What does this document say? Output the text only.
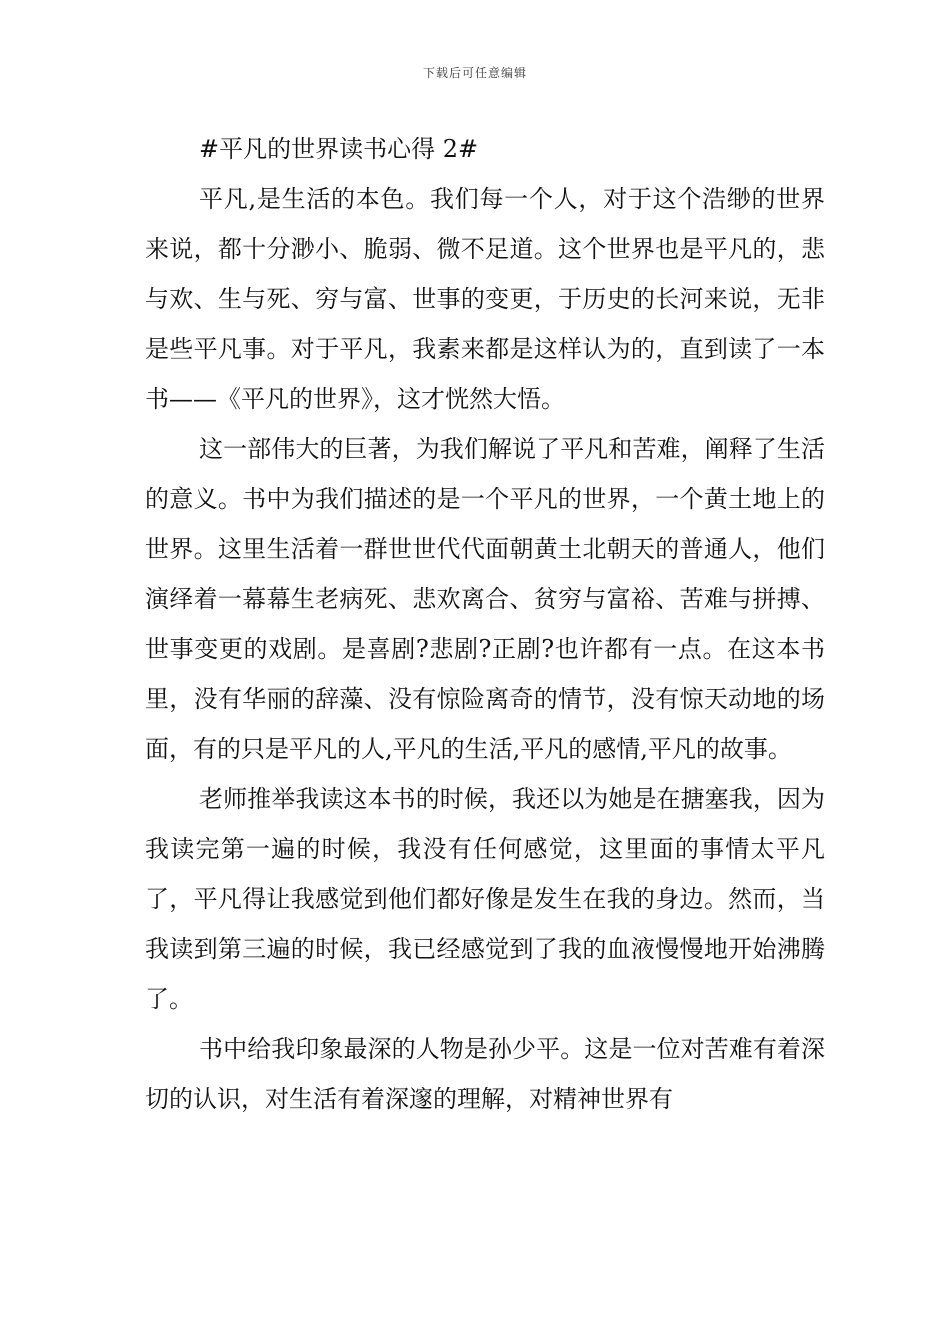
下载后可任意编辑
#平凡的世界读书心得 2#

平凡,是生活的本色。我们每一个人，对于这个浩缈的世界来说，都十分渺小、脆弱、微不足道。这个世界也是平凡的，悲与欢、生与死、穷与富、世事的变更，于历史的长河来说，无非是些平凡事。对于平凡，我素来都是这样认为的，直到读了一本书——《平凡的世界》，这才恍然大悟。

这一部伟大的巨著，为我们解说了平凡和苦难，阐释了生活的意义。书中为我们描述的是一个平凡的世界，一个黄土地上的世界。这里生活着一群世世代代面朝黄土北朝天的普通人，他们演绎着一幕幕生老病死、悲欢离合、贫穷与富裕、苦难与拼搏、世事变更的戏剧。是喜剧?悲剧?正剧?也许都有一点。在这本书里，没有华丽的辞藻、没有惊险离奇的情节，没有惊天动地的场面，有的只是平凡的人,平凡的生活,平凡的感情,平凡的故事。

老师推举我读这本书的时候，我还以为她是在搪塞我，因为我读完第一遍的时候，我没有任何感觉，这里面的事情太平凡了，平凡得让我感觉到他们都好像是发生在我的身边。然而，当我读到第三遍的时候，我已经感觉到了我的血液慢慢地开始沸腾了。

书中给我印象最深的人物是孙少平。这是一位对苦难有着深切的认识，对生活有着深邃的理解，对精神世界有
